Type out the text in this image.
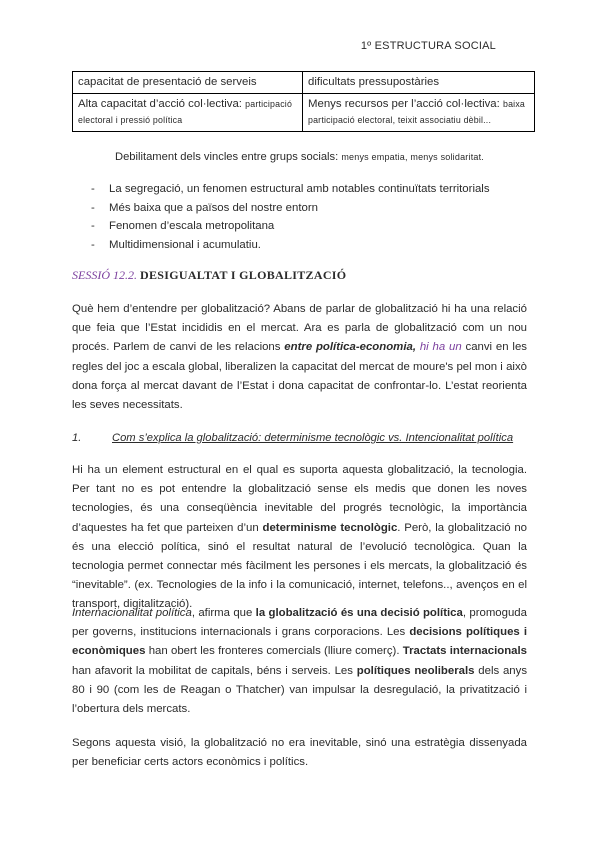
1º ESTRUCTURA SOCIAL
capacitat de presentació de serveis	dificultats pressupostàries
Alta capacitat d’acció col·lectiva: participació electoral i pressió política	Menys recursos per l’acció col·lectiva: baixa participació electoral, teixit associatiu dèbil...
Debilitament dels vincles entre grups socials: menys empatia, menys solidaritat.
- La segregació, un fenomen estructural amb notables continuïtats territorials
- Més baixa que a països del nostre entorn
- Fenomen d’escala metropolitana
- Multidimensional i acumulatiu.
SESSIÓ 12.2. DESIGUALTAT I GLOBALITZACIÓ

Què hem d’entendre per globalització? Abans de parlar de globalització hi ha una relació que feia que l’Estat incididis en el mercat. Ara es parla de globalització com un nou procés. Parlem de canvi de les relacions entre política-economia, hi ha un canvi en les regles del joc a escala global, liberalizen la capacitat del mercat de moure's pel mon i això dona força al mercat davant de l’Estat i dona capacitat de confrontar-lo. L’estat reorienta les seves necessitats.

1.	Com s’explica la globalització: determinisme tecnològic vs. Intencionalitat política

Hi ha un element estructural en el qual es suporta aquesta globalització, la tecnologia. Per tant no es pot entendre la globalització sense els medis que donen les noves tecnologies, és una conseqüència inevitable del progrés tecnològic, la importància d’aquestes ha fet que parteixen d’un determinisme tecnològic. Però, la globalització no és una elecció política, sinó el resultat natural de l’evolució tecnològica. Quan la tecnologia permet connectar més fàcilment les persones i els mercats, la globalització és “inevitable”. (ex. Tecnologies de la info i la comunicació, internet, telefons.., avenços en el transport, digitalització).

Internacionalitat política, afirma que la globalització és una decisió política, promoguda per governs, institucions internacionals i grans corporacions. Les decisions polítiques i econòmiques han obert les fronteres comercials (lliure comerç). Tractats internacionals han afavorit la mobilitat de capitals, béns i serveis. Les polítiques neoliberals dels anys 80 i 90 (com les de Reagan o Thatcher) van impulsar la desregulació, la privatització i l’obertura dels mercats.

Segons aquesta visió, la globalització no era inevitable, sinó una estratègia dissenyada per beneficiar certs actors econòmics i polítics.
